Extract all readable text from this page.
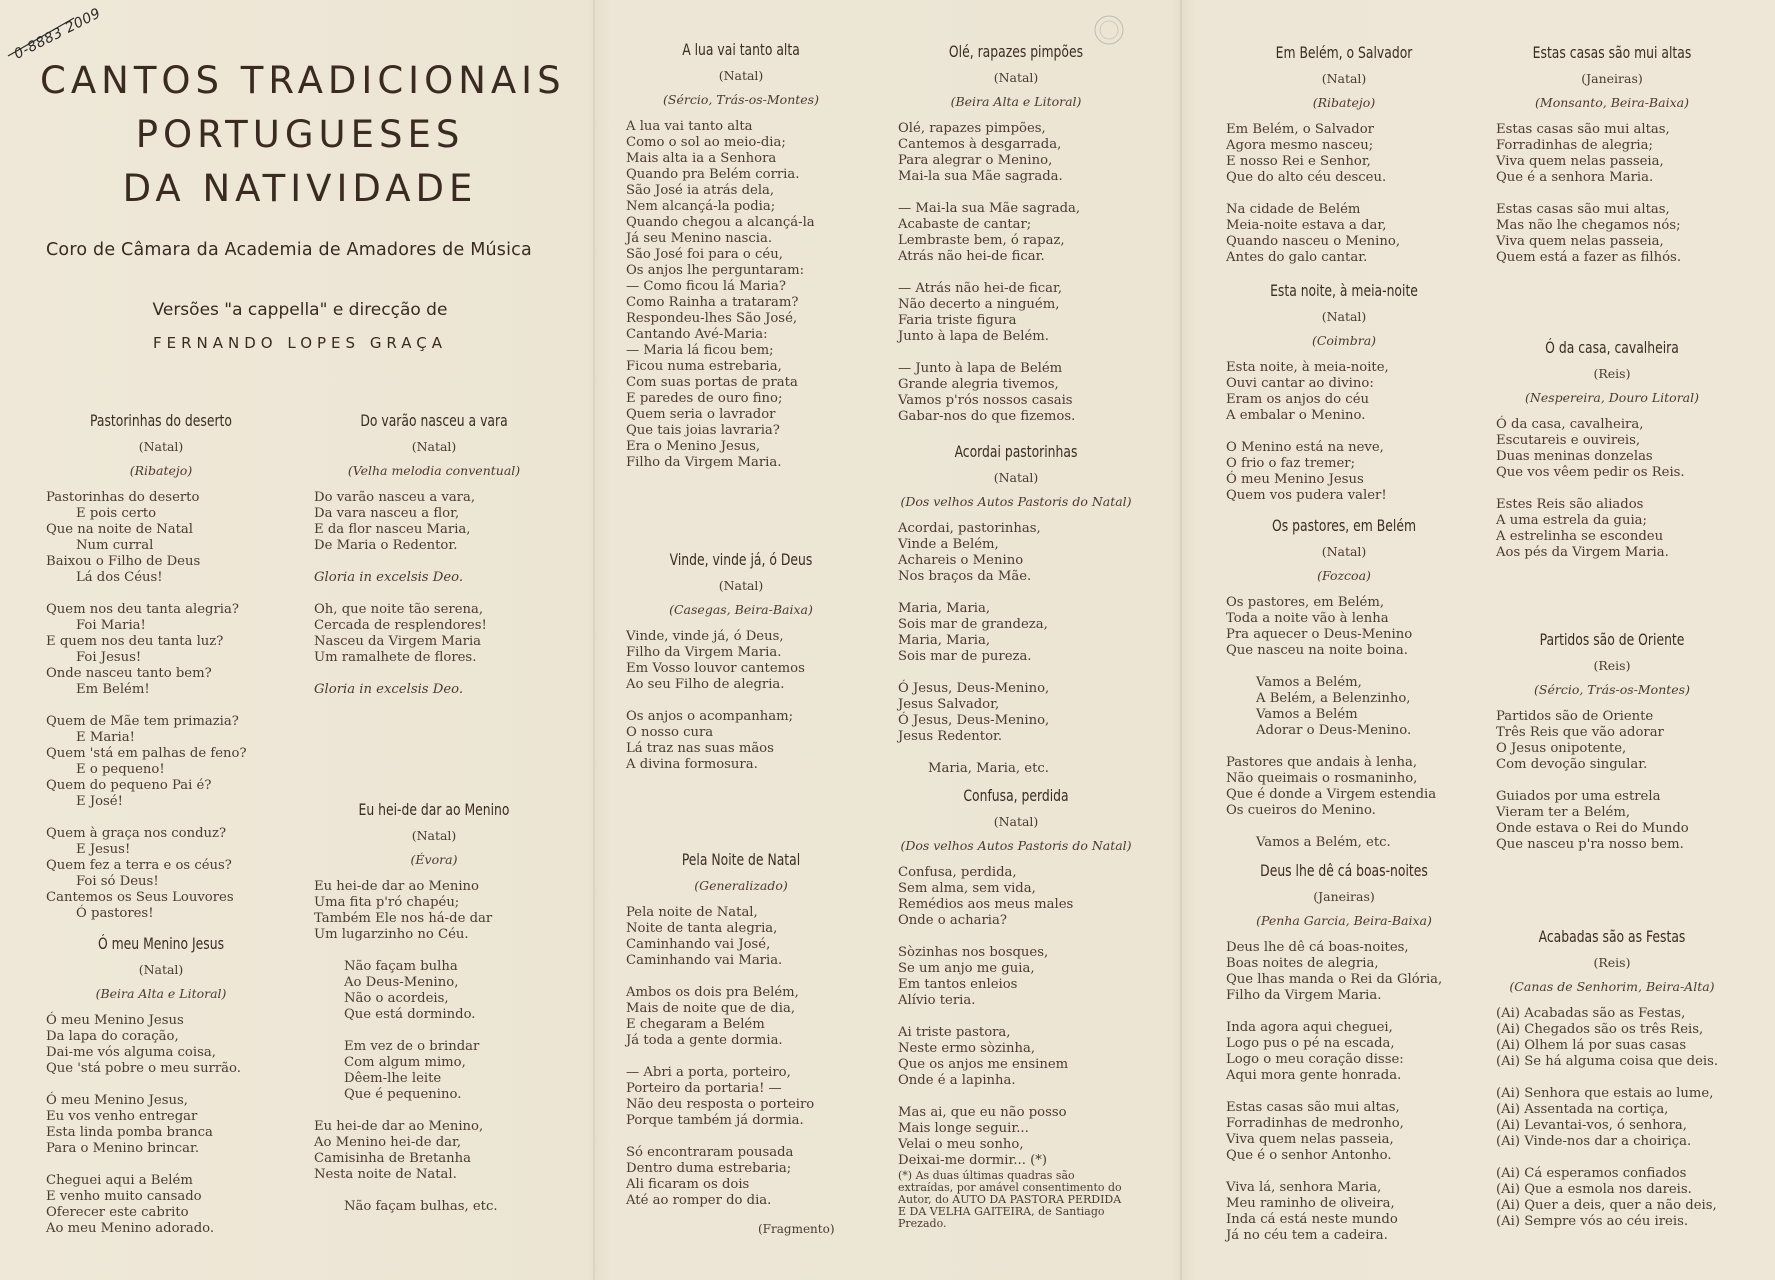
0-8883 2009
CANTOS TRADICIONAIS
PORTUGUESES
DA NATIVIDADE
Coro de Câmara da Academia de Amadores de Música
Versões "a cappella" e direcção de
FERNANDO LOPES GRAÇA
Pastorinhas do deserto
(Natal)
(Ribatejo)
Pastorinhas do deserto
E pois certo
Que na noite de Natal
Num curral
Baixou o Filho de Deus
Lá dos Céus!
Quem nos deu tanta alegria?
Foi Maria!
E quem nos deu tanta luz?
Foi Jesus!
Onde nasceu tanto bem?
Em Belém!
Quem de Mãe tem primazia?
E Maria!
Quem 'stá em palhas de feno?
E o pequeno!
Quem do pequeno Pai é?
E José!
Quem à graça nos conduz?
E Jesus!
Quem fez a terra e os céus?
Foi só Deus!
Cantemos os Seus Louvores
Ó pastores!
Ó meu Menino Jesus
(Natal)
(Beira Alta e Litoral)
Ó meu Menino Jesus
Da lapa do coração,
Dai-me vós alguma coisa,
Que 'stá pobre o meu surrão.
Ó meu Menino Jesus,
Eu vos venho entregar
Esta linda pomba branca
Para o Menino brincar.
Cheguei aqui a Belém
E venho muito cansado
Oferecer este cabrito
Ao meu Menino adorado.
Do varão nasceu a vara
(Natal)
(Velha melodia conventual)
Do varão nasceu a vara,
Da vara nasceu a flor,
E da flor nasceu Maria,
De Maria o Redentor.
Gloria in excelsis Deo.
Oh, que noite tão serena,
Cercada de resplendores!
Nasceu da Virgem Maria
Um ramalhete de flores.
Gloria in excelsis Deo.
Eu hei-de dar ao Menino
(Natal)
(Évora)
Eu hei-de dar ao Menino
Uma fita p'ró chapéu;
Também Ele nos há-de dar
Um lugarzinho no Céu.
Não façam bulha
Ao Deus-Menino,
Não o acordeis,
Que está dormindo.
Em vez de o brindar
Com algum mimo,
Dêem-lhe leite
Que é pequenino.
Eu hei-de dar ao Menino,
Ao Menino hei-de dar,
Camisinha de Bretanha
Nesta noite de Natal.
Não façam bulhas, etc.
A lua vai tanto alta
(Natal)
(Sércio, Trás-os-Montes)
A lua vai tanto alta
Como o sol ao meio-dia;
Mais alta ia a Senhora
Quando pra Belém corria.
São José ia atrás dela,
Nem alcançá-la podia;
Quando chegou a alcançá-la
Já seu Menino nascia.
São José foi para o céu,
Os anjos lhe perguntaram:
— Como ficou lá Maria?
Como Rainha a trataram?
Respondeu-lhes São José,
Cantando Avé-Maria:
— Maria lá ficou bem;
Ficou numa estrebaria,
Com suas portas de prata
E paredes de ouro fino;
Quem seria o lavrador
Que tais joias lavraria?
Era o Menino Jesus,
Filho da Virgem Maria.
Vinde, vinde já, ó Deus
(Natal)
(Casegas, Beira-Baixa)
Vinde, vinde já, ó Deus,
Filho da Virgem Maria.
Em Vosso louvor cantemos
Ao seu Filho de alegria.
Os anjos o acompanham;
O nosso cura
Lá traz nas suas mãos
A divina formosura.
Pela Noite de Natal
(Generalizado)
Pela noite de Natal,
Noite de tanta alegria,
Caminhando vai José,
Caminhando vai Maria.
Ambos os dois pra Belém,
Mais de noite que de dia,
E chegaram a Belém
Já toda a gente dormia.
— Abri a porta, porteiro,
Porteiro da portaria! —
Não deu resposta o porteiro
Porque também já dormia.
Só encontraram pousada
Dentro duma estrebaria;
Ali ficaram os dois
Até ao romper do dia.
Olé, rapazes pimpões
(Natal)
(Beira Alta e Litoral)
Olé, rapazes pimpões,
Cantemos à desgarrada,
Para alegrar o Menino,
Mai-la sua Mãe sagrada.
— Mai-la sua Mãe sagrada,
Acabaste de cantar;
Lembraste bem, ó rapaz,
Atrás não hei-de ficar.
— Atrás não hei-de ficar,
Não decerto a ninguém,
Faria triste figura
Junto à lapa de Belém.
— Junto à lapa de Belém
Grande alegria tivemos,
Vamos p'rós nossos casais
Gabar-nos do que fizemos.
Acordai pastorinhas
(Natal)
(Dos velhos Autos Pastoris do Natal)
Acordai, pastorinhas,
Vinde a Belém,
Achareis o Menino
Nos braços da Mãe.
Maria, Maria,
Sois mar de grandeza,
Maria, Maria,
Sois mar de pureza.
Ó Jesus, Deus-Menino,
Jesus Salvador,
Ó Jesus, Deus-Menino,
Jesus Redentor.
Maria, Maria, etc.
Confusa, perdida
(Natal)
(Dos velhos Autos Pastoris do Natal)
Confusa, perdida,
Sem alma, sem vida,
Remédios aos meus males
Onde o acharia?
Sòzinhas nos bosques,
Se um anjo me guia,
Em tantos enleios
Alívio teria.
Ai triste pastora,
Neste ermo sòzinha,
Que os anjos me ensinem
Onde é a lapinha.
Mas ai, que eu não posso
Mais longe seguir...
Velai o meu sonho,
Deixai-me dormir... (*)
(*) As duas últimas quadras são extraídas, por amável consentimento do Autor, do AUTO DA PASTORA PERDIDA E DA VELHA GAITEIRA, de Santiago Prezado.
(Fragmento)
Em Belém, o Salvador
(Natal)
(Ribatejo)
Em Belém, o Salvador
Agora mesmo nasceu;
E nosso Rei e Senhor,
Que do alto céu desceu.
Na cidade de Belém
Meia-noite estava a dar,
Quando nasceu o Menino,
Antes do galo cantar.
Esta noite, à meia-noite
(Natal)
(Coimbra)
Esta noite, à meia-noite,
Ouvi cantar ao divino:
Eram os anjos do céu
A embalar o Menino.
O Menino está na neve,
O frio o faz tremer;
Ó meu Menino Jesus
Quem vos pudera valer!
Os pastores, em Belém
(Natal)
(Fozcoa)
Os pastores, em Belém,
Toda a noite vão à lenha
Pra aquecer o Deus-Menino
Que nasceu na noite boina.
Vamos a Belém,
A Belém, a Belenzinho,
Vamos a Belém
Adorar o Deus-Menino.
Pastores que andais à lenha,
Não queimais o rosmaninho,
Que é donde a Virgem estendia
Os cueiros do Menino.
Vamos a Belém, etc.
Deus lhe dê cá boas-noites
(Janeiras)
(Penha Garcia, Beira-Baixa)
Deus lhe dê cá boas-noites,
Boas noites de alegria,
Que lhas manda o Rei da Glória,
Filho da Virgem Maria.
Inda agora aqui cheguei,
Logo pus o pé na escada,
Logo o meu coração disse:
Aqui mora gente honrada.
Estas casas são mui altas,
Forradinhas de medronho,
Viva quem nelas passeia,
Que é o senhor Antonho.
Viva lá, senhora Maria,
Meu raminho de oliveira,
Inda cá está neste mundo
Já no céu tem a cadeira.
Estas casas são mui altas
(Janeiras)
(Monsanto, Beira-Baixa)
Estas casas são mui altas,
Forradinhas de alegria;
Viva quem nelas passeia,
Que é a senhora Maria.
Estas casas são mui altas,
Mas não lhe chegamos nós;
Viva quem nelas passeia,
Quem está a fazer as filhós.
Ó da casa, cavalheira
(Reis)
(Nespereira, Douro Litoral)
Ó da casa, cavalheira,
Escutareis e ouvireis,
Duas meninas donzelas
Que vos vêem pedir os Reis.
Estes Reis são aliados
A uma estrela da guia;
A estrelinha se escondeu
Aos pés da Virgem Maria.
Partidos são de Oriente
(Reis)
(Sércio, Trás-os-Montes)
Partidos são de Oriente
Três Reis que vão adorar
O Jesus onipotente,
Com devoção singular.
Guiados por uma estrela
Vieram ter a Belém,
Onde estava o Rei do Mundo
Que nasceu p'ra nosso bem.
Acabadas são as Festas
(Reis)
(Canas de Senhorim, Beira-Alta)
(Ai) Acabadas são as Festas,
(Ai) Chegados são os três Reis,
(Ai) Olhem lá por suas casas
(Ai) Se há alguma coisa que deis.
(Ai) Senhora que estais ao lume,
(Ai) Assentada na cortiça,
(Ai) Levantai-vos, ó senhora,
(Ai) Vinde-nos dar a choiriça.
(Ai) Cá esperamos confiados
(Ai) Que a esmola nos dareis.
(Ai) Quer a deis, quer a não deis,
(Ai) Sempre vós ao céu ireis.
